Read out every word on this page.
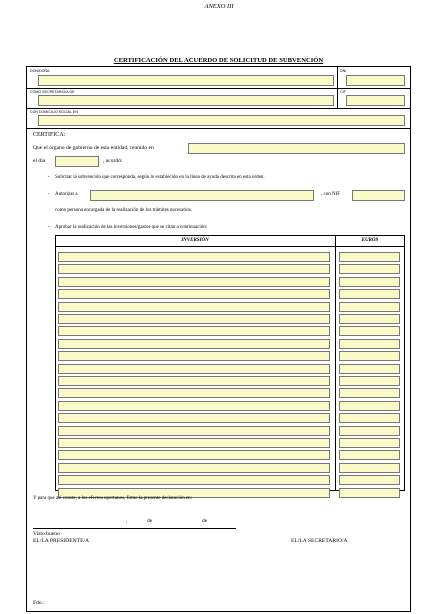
ANEXO III
CERTIFICACIÓN DEL ACUERDO DE SOLICITUD DE SUBVENCIÓN
DON/DOÑA	DNI
COMO SECRETARIO/A DE	CIF
CON DOMICILIO SOCIAL EN
CERTIFICA:
Que el órgano de gobierno de esta entidad, reunido en
el día	, acordó:
- Solicitar la subvención que corresponda, según lo establecido en la línea de ayuda descrita en esta orden.
- Autorizar a	, con NIF
como persona encargada de la realización de los trámites necesarios.
- Aprobar la realización de las inversiones/gastos que se citan a continuación:
INVERSIÓN	EUROS
Y para que así conste, a los efectos oportunos, firmo la presente declaración en:
,	de	de
Visto bueno
EL/LA PRESIDENTE/A	EL/LA SECRETARIO/A
Fdo.:
